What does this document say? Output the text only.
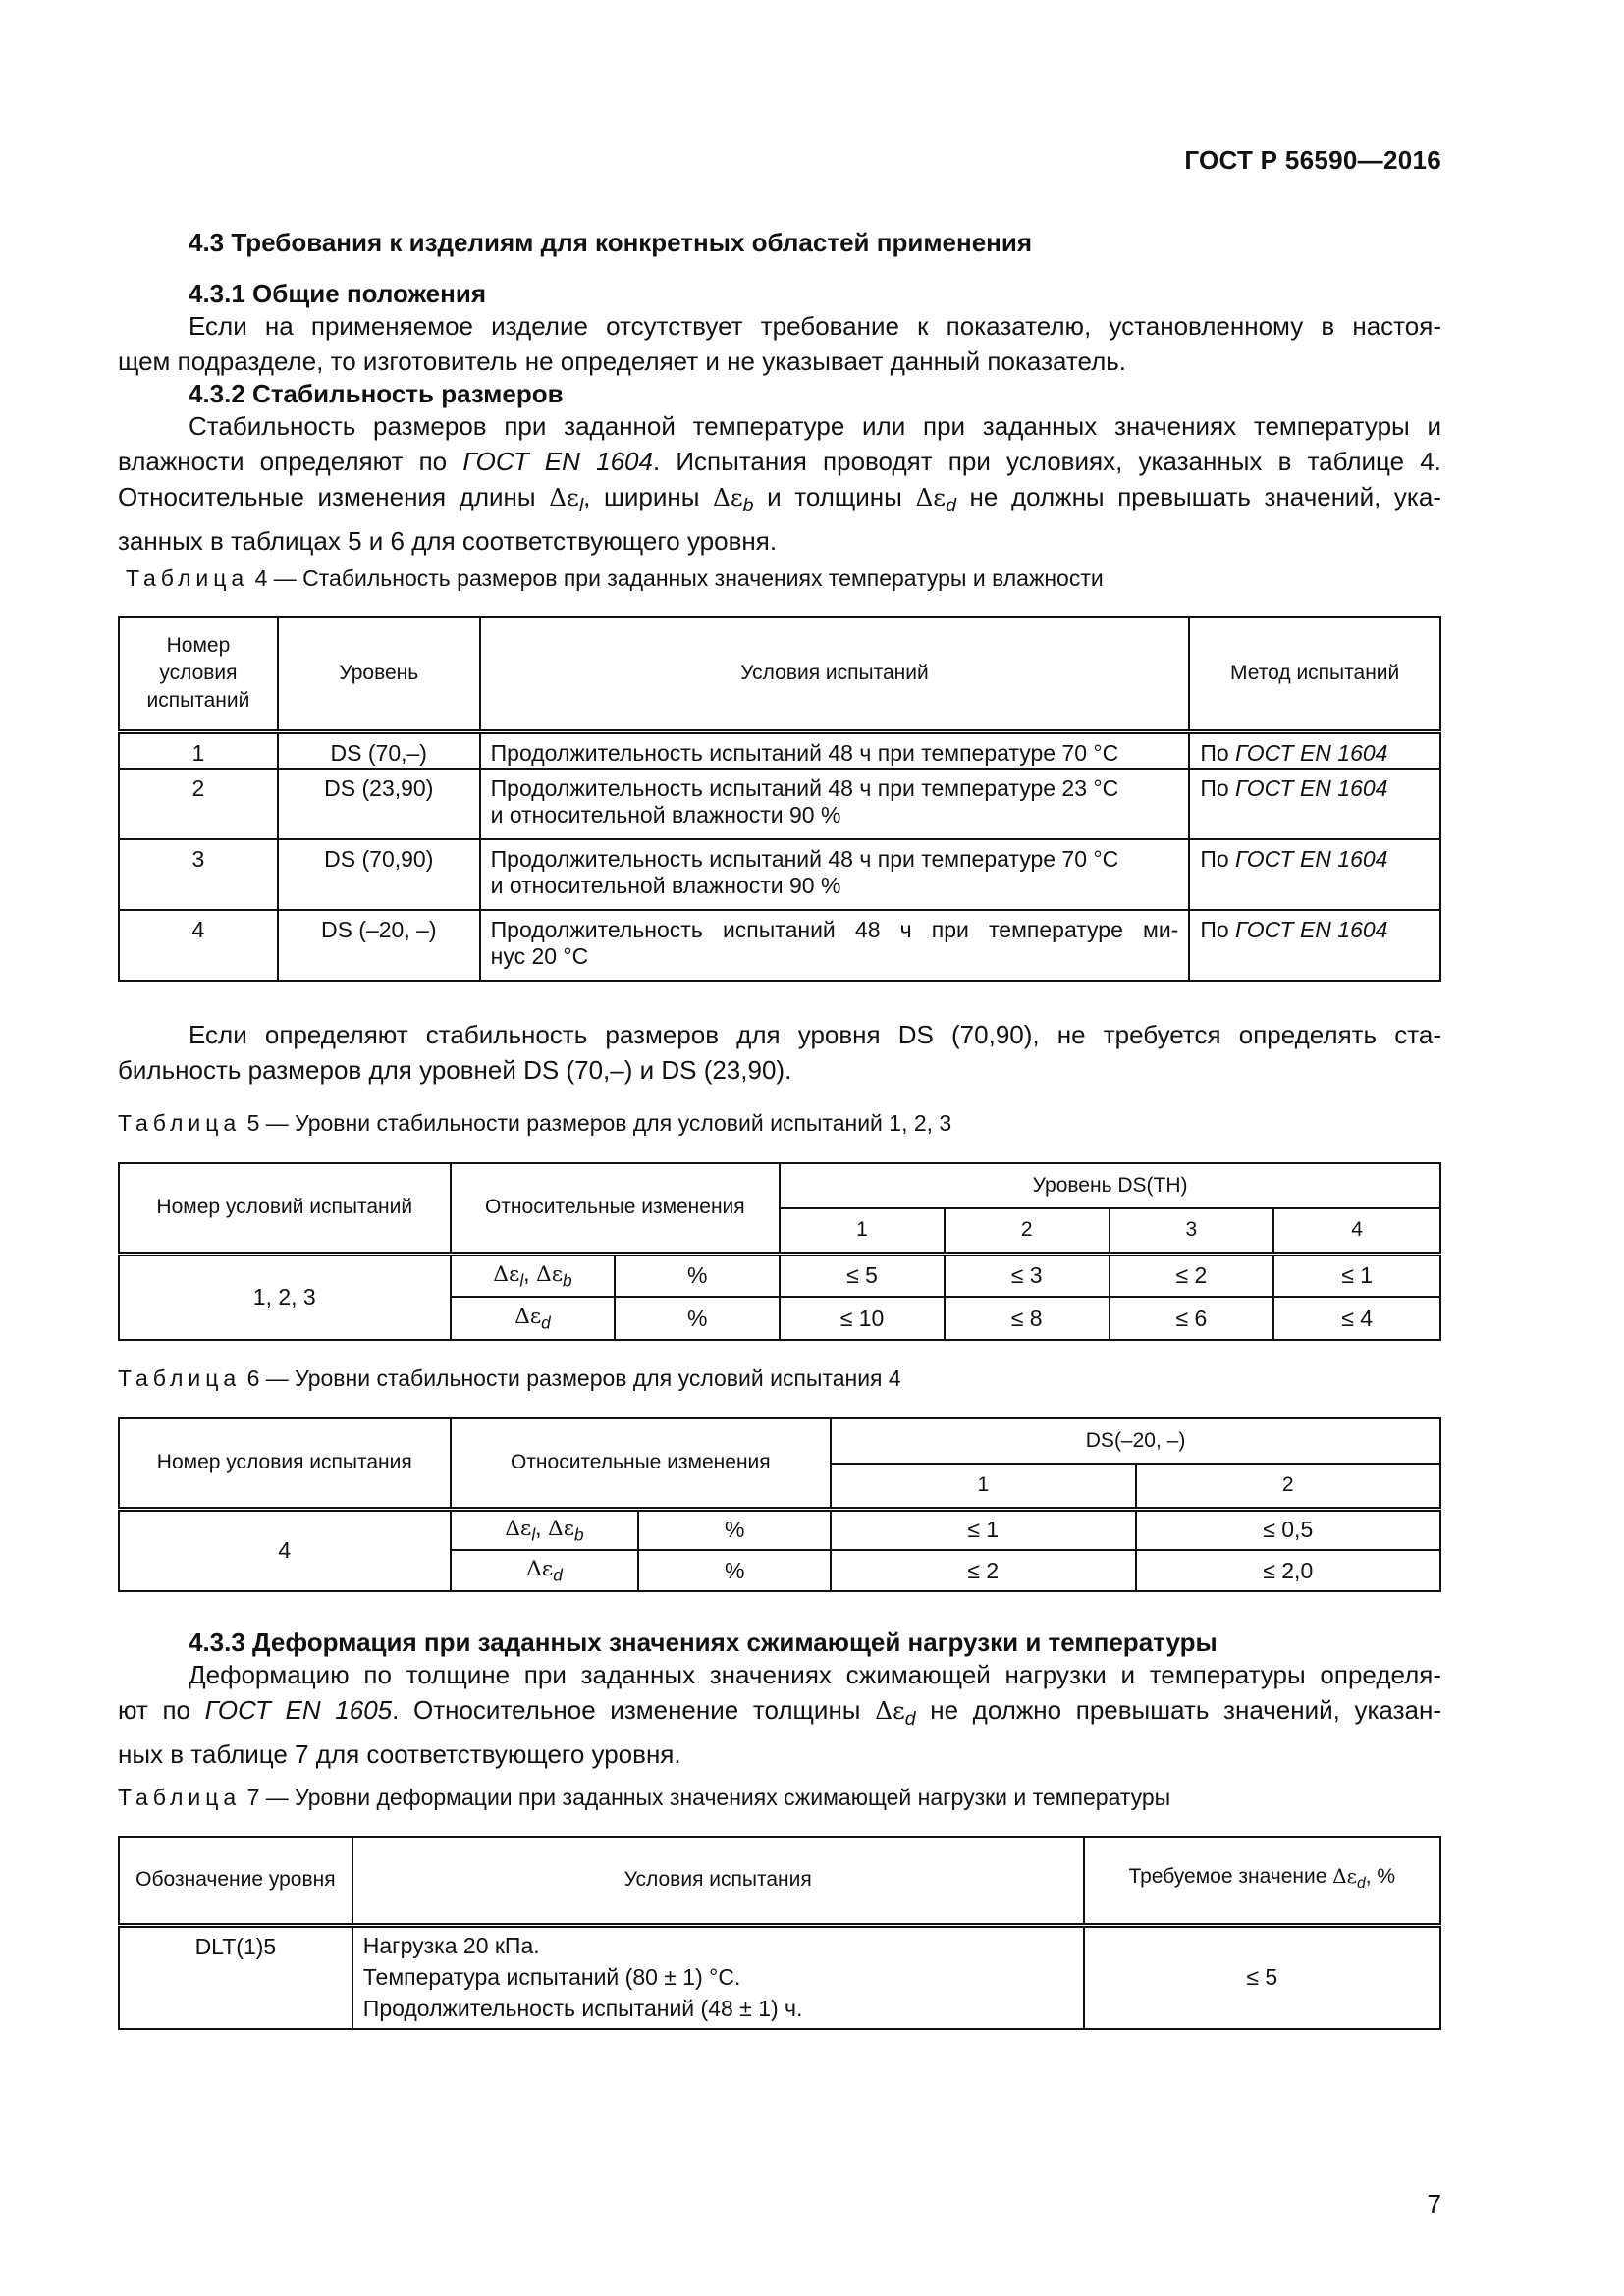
ГОСТ Р 56590—2016
4.3 Требования к изделиям для конкретных областей применения
4.3.1 Общие положения
Если на применяемое изделие отсутствует требование к показателю, установленному в настоя-
щем подразделе, то изготовитель не определяет и не указывает данный показатель.
4.3.2 Стабильность размеров
Стабильность размеров при заданной температуре или при заданных значениях температуры и
влажности определяют по ГОСТ EN 1604. Испытания проводят при условиях, указанных в таблице 4.
Относительные изменения длины $\Delta\varepsilon_l$, ширины $\Delta\varepsilon_b$ и толщины $\Delta\varepsilon_d$ не должны превышать значений, ука-
занных в таблицах 5 и 6 для соответствующего уровня.
Таблица 4 — Стабильность размеров при заданных значениях температуры и влажности
Номер условия испытаний	Уровень	Условия испытаний	Метод испытаний
1	DS (70,–)	Продолжительность испытаний 48 ч при температуре 70 °С	По ГОСТ EN 1604
2	DS (23,90)	Продолжительность испытаний 48 ч при температуре 23 °С
и относительной влажности 90 %	По ГОСТ EN 1604
3	DS (70,90)	Продолжительность испытаний 48 ч при температуре 70 °С
и относительной влажности 90 %	По ГОСТ EN 1604
4	DS (–20, –)	Продолжительность испытаний 48 ч при температуре ми-
нус 20 °С	По ГОСТ EN 1604
Если определяют стабильность размеров для уровня DS (70,90), не требуется определять ста-
бильность размеров для уровней DS (70,–) и DS (23,90).
Таблица 5 — Уровни стабильности размеров для условий испытаний 1, 2, 3
Номер условий испытаний	Относительные изменения		Уровень DS(TH)			
			1	2	3	4
1, 2, 3	$\Delta\varepsilon_l$, $\Delta\varepsilon_b$	%	≤ 5	≤ 3	≤ 2	≤ 1
	$\Delta\varepsilon_d$	%	≤ 10	≤ 8	≤ 6	≤ 4
Таблица 6 — Уровни стабильности размеров для условий испытания 4
Номер условия испытания	Относительные изменения		DS(–20, –)	
			1	2
4	$\Delta\varepsilon_l$, $\Delta\varepsilon_b$	%	≤ 1	≤ 0,5
	$\Delta\varepsilon_d$	%	≤ 2	≤ 2,0
4.3.3 Деформация при заданных значениях сжимающей нагрузки и температуры
Деформацию по толщине при заданных значениях сжимающей нагрузки и температуры определя-
ют по ГОСТ EN 1605. Относительное изменение толщины $\Delta\varepsilon_d$ не должно превышать значений, указан-
ных в таблице 7 для соответствующего уровня.
Таблица 7 — Уровни деформации при заданных значениях сжимающей нагрузки и температуры
Обозначение уровня	Условия испытания	Требуемое значение $\Delta\varepsilon_d$, %
DLT(1)5	Нагрузка 20 кПа.
Температура испытаний (80 ± 1) °С.
Продолжительность испытаний (48 ± 1) ч.	≤ 5
7
